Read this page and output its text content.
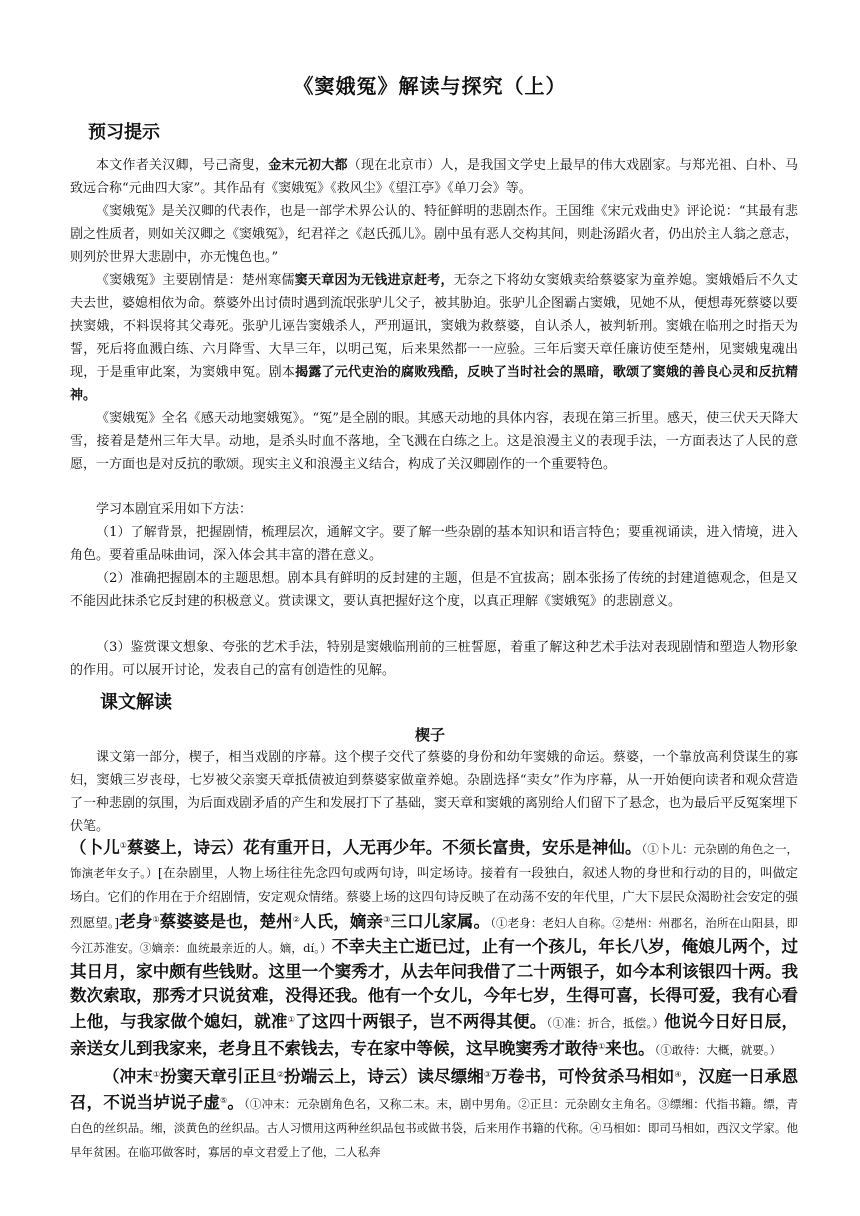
《窦娥冤》解读与探究（上）
预习提示
本文作者关汉卿，号己斋叟，金末元初大都（现在北京市）人，是我国文学史上最早的伟大戏剧家。与郑光祖、白朴、马致远合称“元曲四大家”。其作品有《窦娥冤》《救风尘》《望江亭》《单刀会》等。
《窦娥冤》是关汉卿的代表作，也是一部学术界公认的、特征鲜明的悲剧杰作。王国维《宋元戏曲史》评论说：“其最有悲剧之性质者，则如关汉卿之《窦娥冤》，纪君祥之《赵氏孤儿》。剧中虽有恶人交构其间，则赴汤蹈火者，仍出於主人翁之意志，则列於世界大悲剧中，亦无愧色也。”
《窦娥冤》主要剧情是：楚州寒儒窦天章因为无钱进京赶考，无奈之下将幼女窦娥卖给蔡婆家为童养媳。窦娥婚后不久丈夫去世，婆媳相依为命。蔡婆外出讨债时遇到流氓张驴儿父子，被其胁迫。张驴儿企图霸占窦娥，见她不从，便想毒死蔡婆以要挟窦娥，不料误将其父毒死。张驴儿诬告窦娥杀人，严刑逼讯，窦娥为救蔡婆，自认杀人，被判斩刑。窦娥在临刑之时指天为誓，死后将血溅白练、六月降雪、大旱三年，以明己冤，后来果然都一一应验。三年后窦天章任廉访使至楚州，见窦娥鬼魂出现，于是重审此案，为窦娥申冤。剧本揭露了元代吏治的腐败残酷，反映了当时社会的黑暗，歌颂了窦娥的善良心灵和反抗精神。
《窦娥冤》全名《感天动地窦娥冤》。“冤”是全剧的眼。其感天动地的具体内容，表现在第三折里。感天，使三伏天天降大雪，接着是楚州三年大旱。动地，是杀头时血不落地，全飞溅在白练之上。这是浪漫主义的表现手法，一方面表达了人民的意愿，一方面也是对反抗的歌颂。现实主义和浪漫主义结合，构成了关汉卿剧作的一个重要特色。
学习本剧宜采用如下方法：
（1）了解背景，把握剧情，梳理层次，通解文字。要了解一些杂剧的基本知识和语言特色；要重视诵读，进入情境，进入角色。要着重品味曲词，深入体会其丰富的潜在意义。
（2）准确把握剧本的主题思想。剧本具有鲜明的反封建的主题，但是不宜拔高；剧本张扬了传统的封建道德观念，但是又不能因此抹杀它反封建的积极意义。赏读课文，要认真把握好这个度，以真正理解《窦娥冤》的悲剧意义。
（3）鉴赏课文想象、夸张的艺术手法，特别是窦娥临刑前的三桩誓愿，着重了解这种艺术手法对表现剧情和塑造人物形象的作用。可以展开讨论，发表自己的富有创造性的见解。
课文解读
楔子
课文第一部分，楔子，相当戏剧的序幕。这个楔子交代了蔡婆的身份和幼年窦娥的命运。蔡婆，一个靠放高利贷谋生的寡妇，窦娥三岁丧母，七岁被父亲窦天章抵债被迫到蔡婆家做童养媳。杂剧选择“卖女”作为序幕，从一开始便向读者和观众营造了一种悲剧的氛围，为后面戏剧矛盾的产生和发展打下了基础，窦天章和窦娥的离别给人们留下了悬念，也为最后平反冤案埋下伏笔。
（卜儿①蔡婆上，诗云）花有重开日，人无再少年。不须长富贵，安乐是神仙。（①卜儿：元杂剧的角色之一，饰演老年女子。）[在杂剧里，人物上场往往先念四句或两句诗，叫定场诗。接着有一段独白，叙述人物的身世和行动的目的，叫做定场白。它们的作用在于介绍剧情，安定观众情绪。蔡婆上场的这四句诗反映了在动荡不安的年代里，广大下层民众渴盼社会安定的强烈愿望。]老身①蔡婆婆是也，楚州②人氏，嫡亲③三口儿家属。（①老身：老妇人自称。②楚州：州郡名，治所在山阳县，即今江苏淮安。③嫡亲：血统最亲近的人。嫡，dí。）不幸夫主亡逝已过，止有一个孩儿，年长八岁，俺娘儿两个，过其日月，家中颇有些钱财。这里一个窦秀才，从去年问我借了二十两银子，如今本利该银四十两。我数次索取，那秀才只说贫难，没得还我。他有一个女儿，今年七岁，生得可喜，长得可爱，我有心看上他，与我家做个媳妇，就准①了这四十两银子，岂不两得其便。（①准：折合，抵偿。）他说今日好日辰，亲送女儿到我家来，老身且不索钱去，专在家中等候，这早晚窦秀才敢待①来也。（①敢待：大概，就要。）
（冲末①扮窦天章引正旦②扮端云上，诗云）读尽缥缃③万卷书，可怜贫杀马相如④，汉庭一日承恩召，不说当垆说子虚⑤。（①冲末：元杂剧角色名，又称二末。末，剧中男角。②正旦：元杂剧女主角名。③缥缃：代指书籍。缥，青白色的丝织品。缃，淡黄色的丝织品。古人习惯用这两种丝织品包书或做书袋，后来用作书籍的代称。④马相如：即司马相如，西汉文学家。他早年贫困。在临邛做客时，寡居的卓文君爱上了他，二人私奔
